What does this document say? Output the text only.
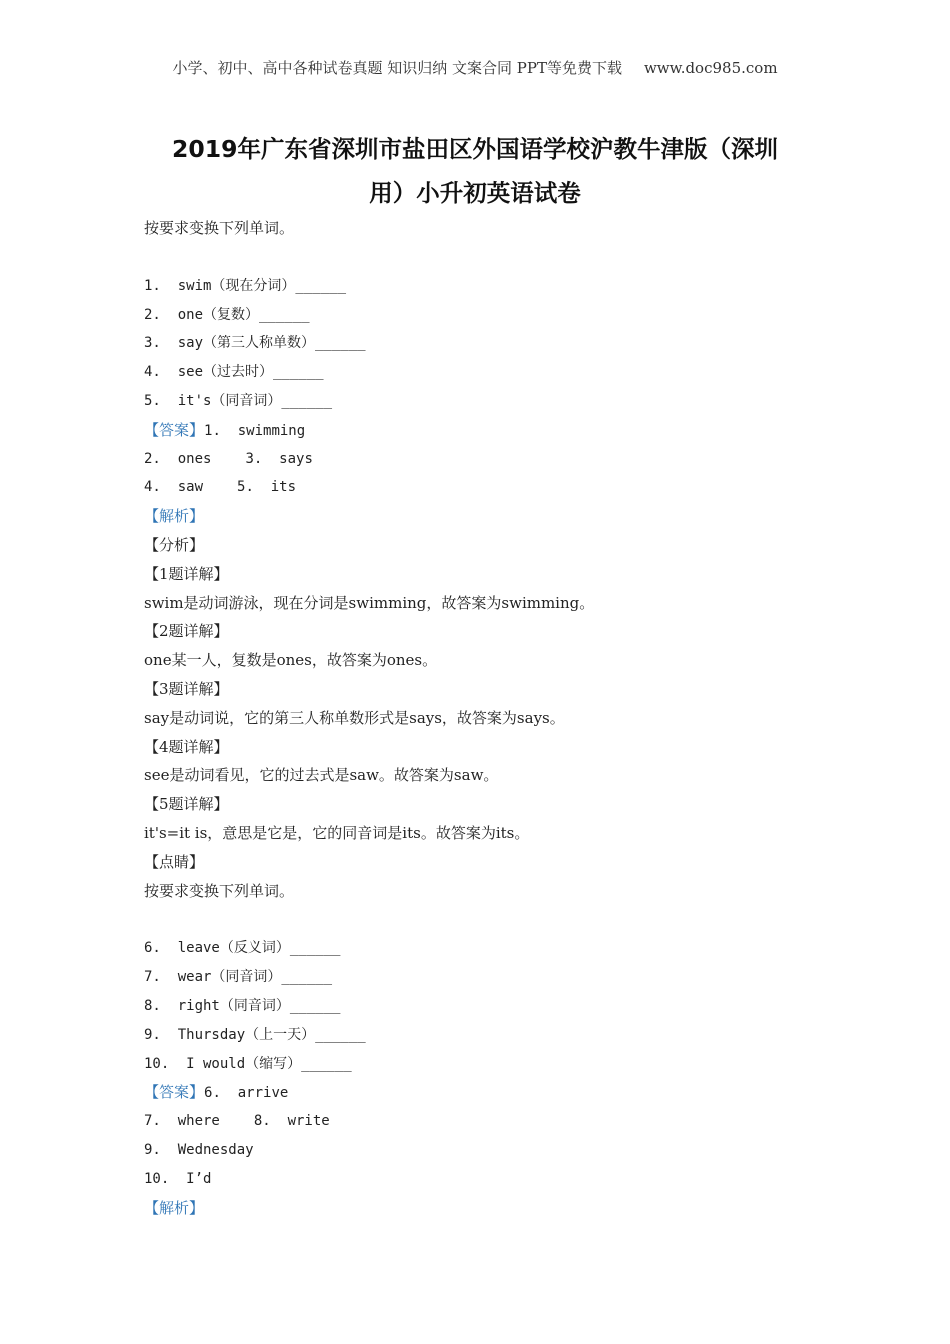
小学、初中、高中各种试卷真题 知识归纳 文案合同 PPT等免费下载 www.doc985.com
2019年广东省深圳市盐田区外国语学校沪教牛津版（深圳
用）小升初英语试卷
按要求变换下列单词。
1.  swim（现在分词）______
2.  one（复数）______
3.  say（第三人称单数）______
4.  see（过去时）______
5.  it's（同音词）______
【答案】1.  swimming
2.  ones 3.  says
4.  saw 5.  its
【解析】
【分析】
【1题详解】
swim是动词游泳，现在分词是swimming，故答案为swimming。
【2题详解】
one某一人，复数是ones，故答案为ones。
【3题详解】
say是动词说，它的第三人称单数形式是says，故答案为says。
【4题详解】
see是动词看见，它的过去式是saw。故答案为saw。
【5题详解】
it's=it is，意思是它是，它的同音词是its。故答案为its。
【点睛】
按要求变换下列单词。
6.  leave（反义词）______
7.  wear（同音词）______
8.  right（同音词）______
9.  Thursday（上一天）______
10.  I would（缩写）______
【答案】6.  arrive
7.  where 8.  write
9.  Wednesday
10.  I’d
【解析】
